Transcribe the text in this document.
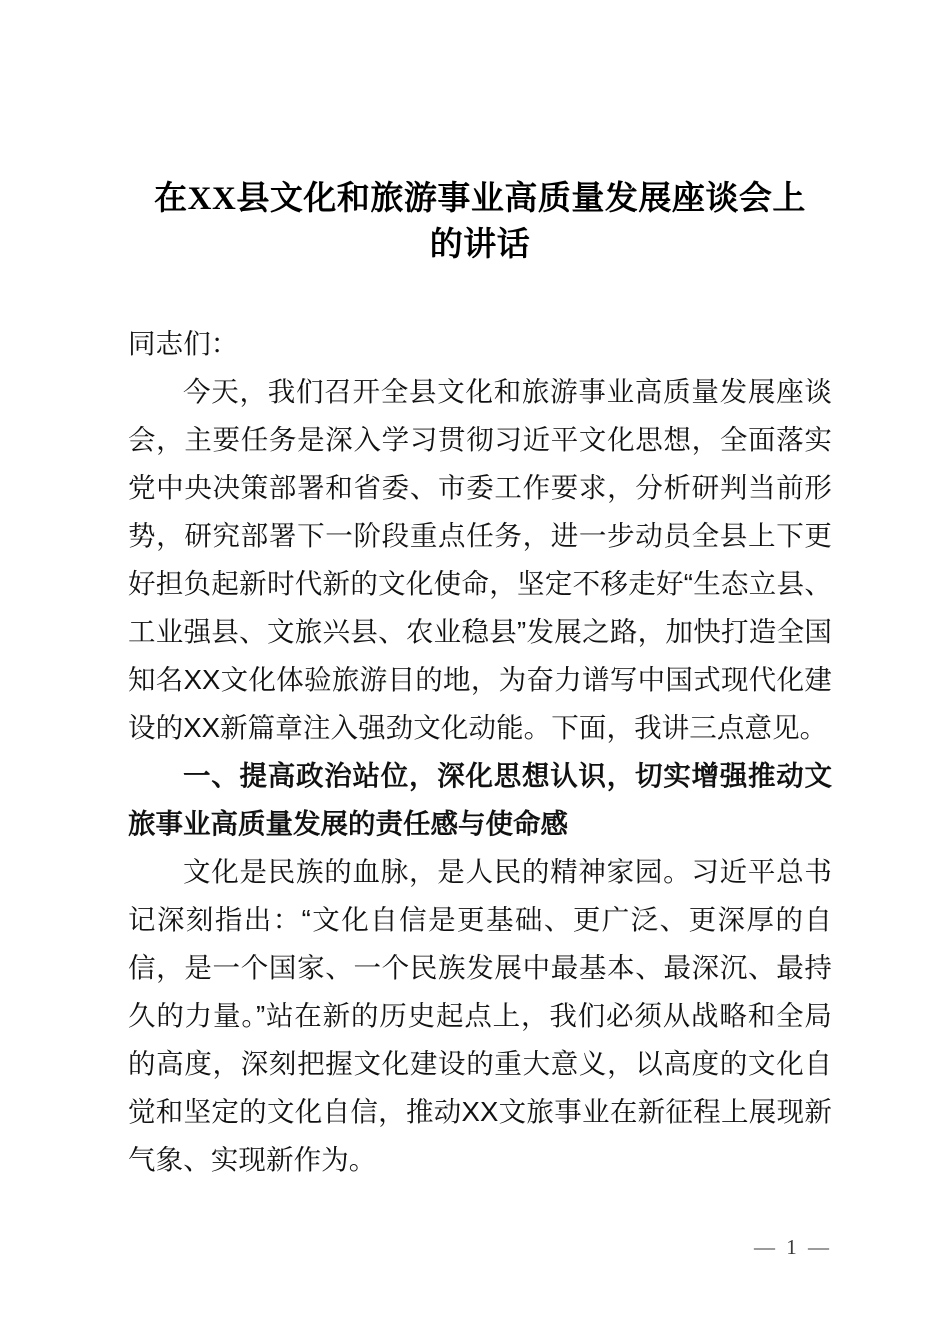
在XX县文化和旅游事业高质量发展座谈会上
的讲话

同志们：

今天，我们召开全县文化和旅游事业高质量发展座谈会，主要任务是深入学习贯彻习近平文化思想，全面落实党中央决策部署和省委、市委工作要求，分析研判当前形势，研究部署下一阶段重点任务，进一步动员全县上下更好担负起新时代新的文化使命，坚定不移走好“生态立县、工业强县、文旅兴县、农业稳县”发展之路，加快打造全国知名XX文化体验旅游目的地，为奋力谱写中国式现代化建设的XX新篇章注入强劲文化动能。下面，我讲三点意见。

一、提高政治站位，深化思想认识，切实增强推动文旅事业高质量发展的责任感与使命感

文化是民族的血脉，是人民的精神家园。习近平总书记深刻指出：“文化自信是更基础、更广泛、更深厚的自信，是一个国家、一个民族发展中最基本、最深沉、最持久的力量。”站在新的历史起点上，我们必须从战略和全局的高度，深刻把握文化建设的重大意义，以高度的文化自觉和坚定的文化自信，推动XX文旅事业在新征程上展现新气象、实现新作为。

— 1 —
